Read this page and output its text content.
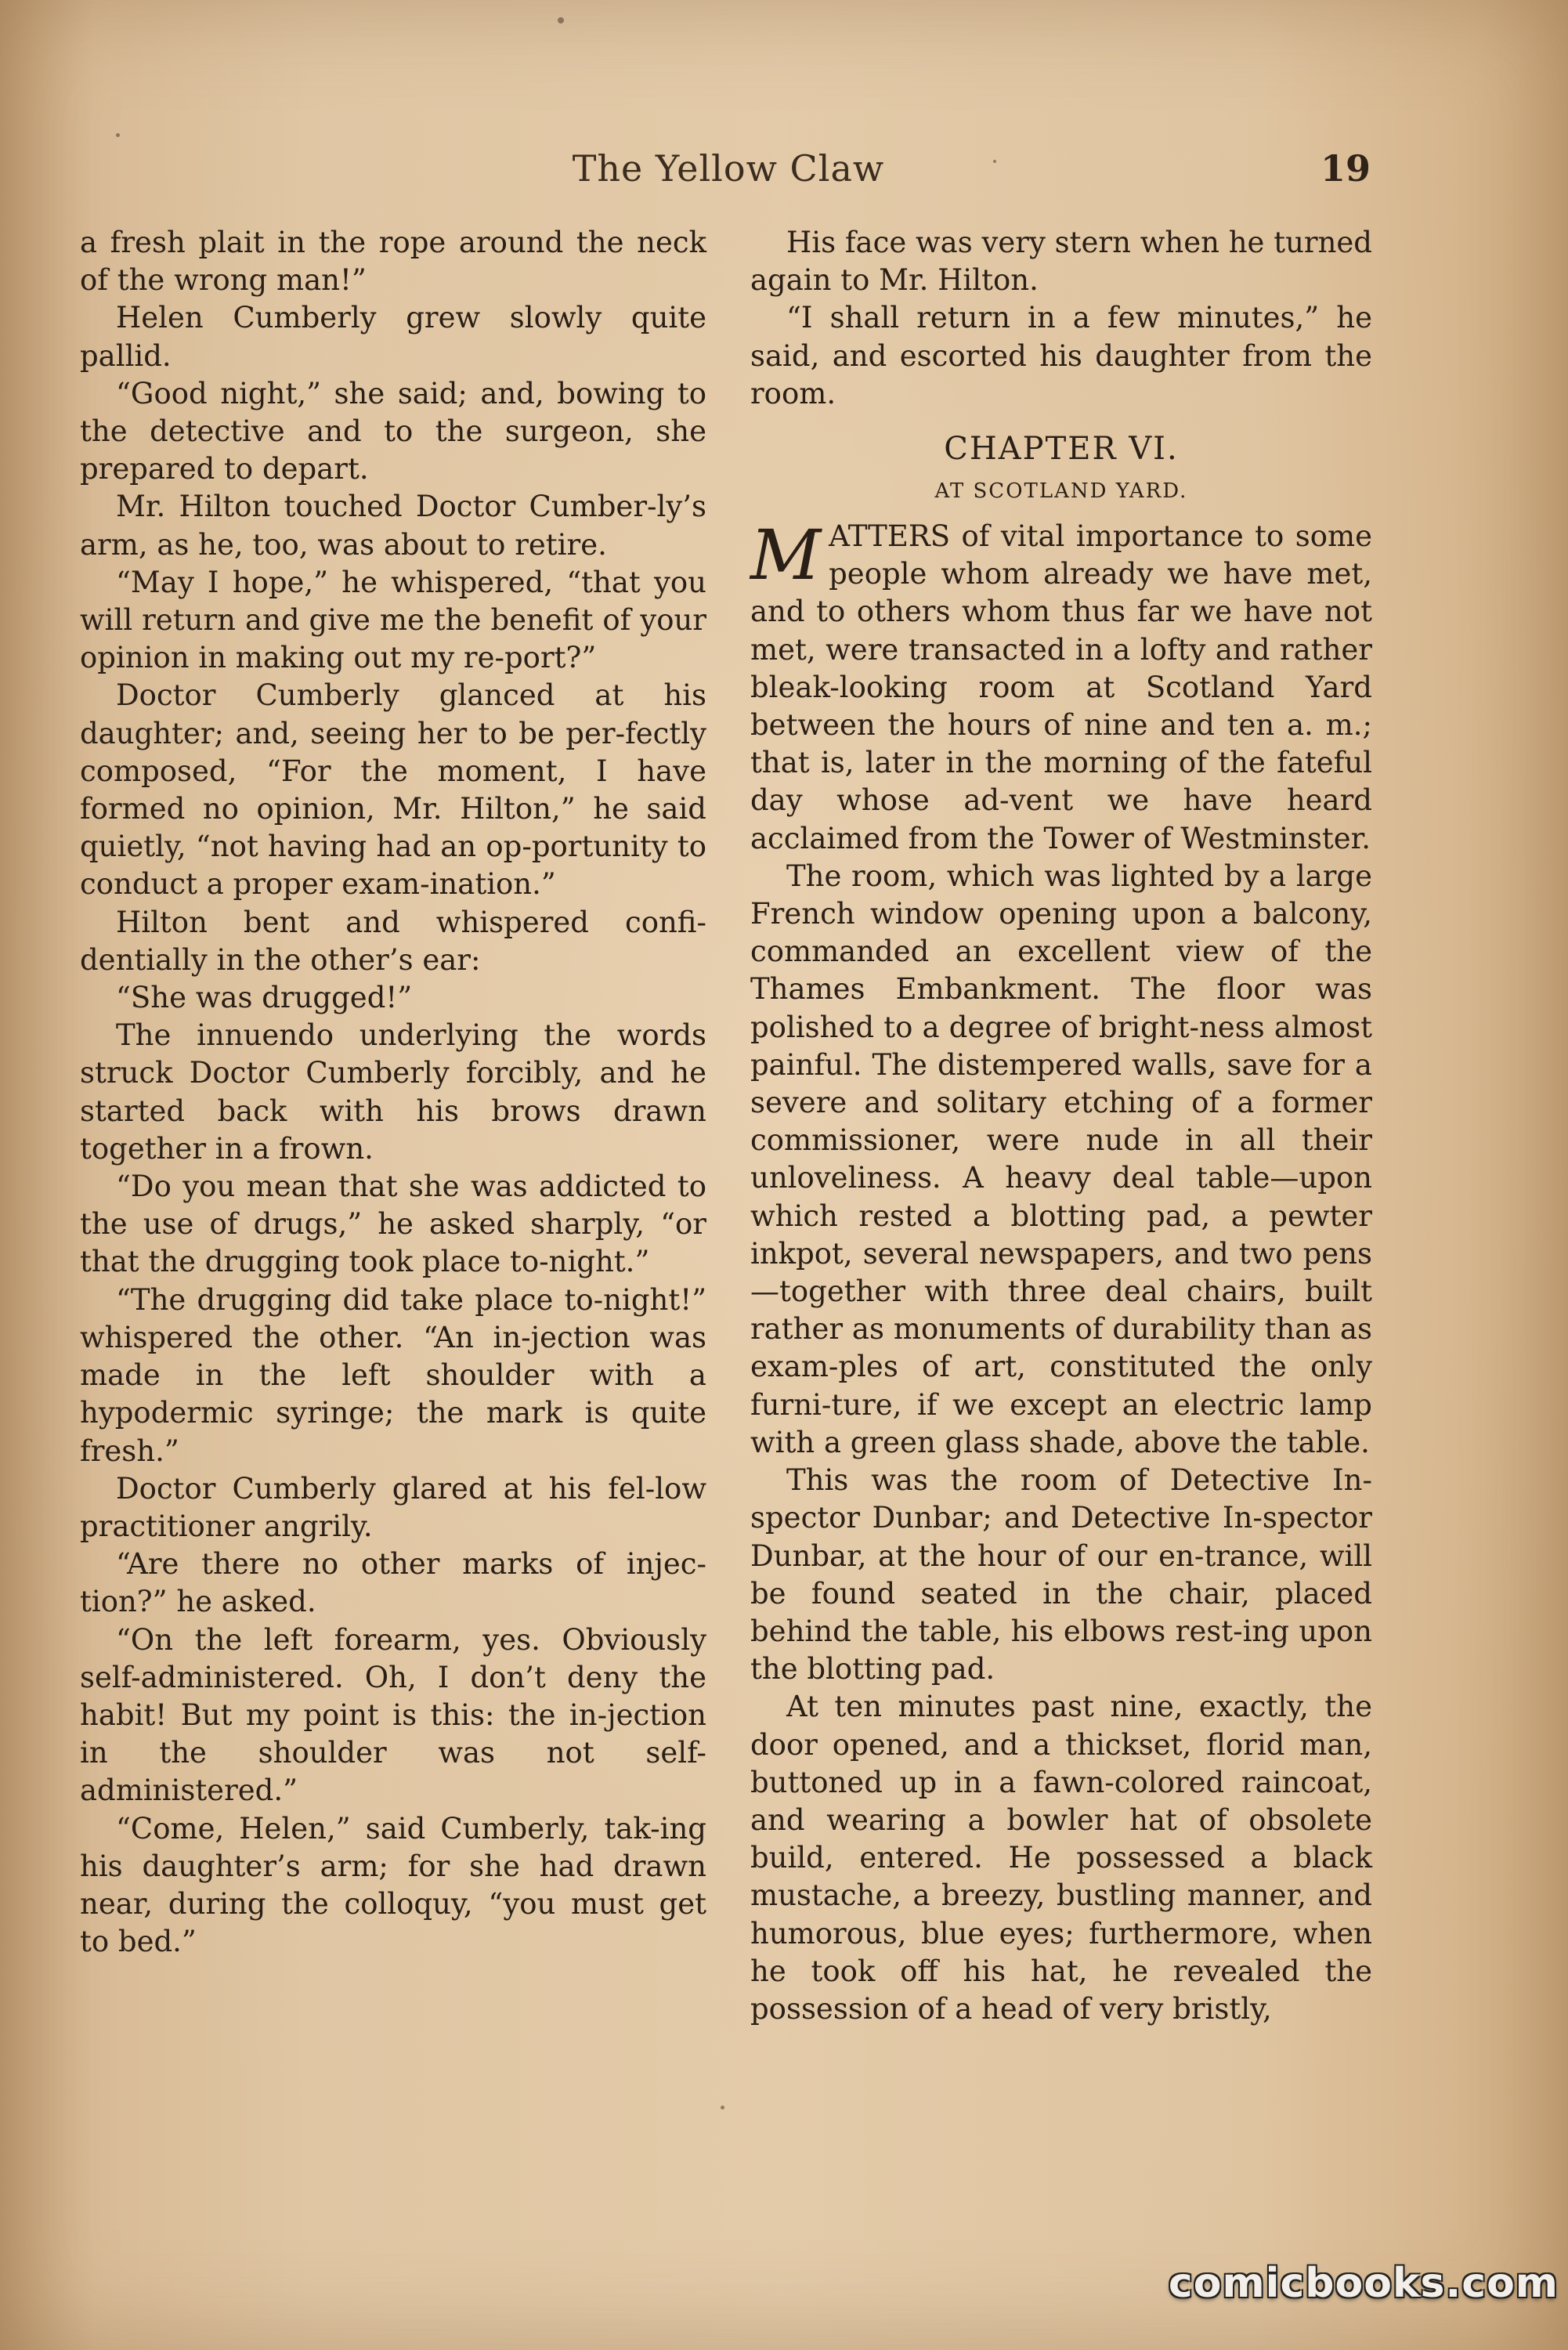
The Yellow Claw	19

a fresh plait in the rope around the neck of the wrong man!”

Helen Cumberly grew slowly quite pallid.

“Good night,” she said; and, bowing to the detective and to the surgeon, she prepared to depart.

Mr. Hilton touched Doctor Cumber-ly’s arm, as he, too, was about to retire.

“May I hope,” he whispered, “that you will return and give me the benefit of your opinion in making out my re-port?”

Doctor Cumberly glanced at his daughter; and, seeing her to be per-fectly composed, “For the moment, I have formed no opinion, Mr. Hilton,” he said quietly, “not having had an op-portunity to conduct a proper exam-ination.”

Hilton bent and whispered confi-dentially in the other’s ear:

“She was drugged!”

The innuendo underlying the words struck Doctor Cumberly forcibly, and he started back with his brows drawn together in a frown.

“Do you mean that she was addicted to the use of drugs,” he asked sharply, “or that the drugging took place to-night.”

“The drugging did take place to-night!” whispered the other. “An in-jection was made in the left shoulder with a hypodermic syringe; the mark is quite fresh.”

Doctor Cumberly glared at his fel-low practitioner angrily.

“Are there no other marks of injec-tion?” he asked.

“On the left forearm, yes. Obviously self-administered. Oh, I don’t deny the habit! But my point is this: the in-jection in the shoulder was not self-administered.”

“Come, Helen,” said Cumberly, tak-ing his daughter’s arm; for she had drawn near, during the colloquy, “you must get to bed.”

His face was very stern when he turned again to Mr. Hilton.

“I shall return in a few minutes,” he said, and escorted his daughter from the room.

CHAPTER VI.
AT SCOTLAND YARD.

MATTERS of vital importance to some people whom already we have met, and to others whom thus far we have not met, were transacted in a lofty and rather bleak-looking room at Scotland Yard between the hours of nine and ten a. m.; that is, later in the morning of the fateful day whose ad-vent we have heard acclaimed from the Tower of Westminster.

The room, which was lighted by a large French window opening upon a balcony, commanded an excellent view of the Thames Embankment. The floor was polished to a degree of bright-ness almost painful. The distempered walls, save for a severe and solitary etching of a former commissioner, were nude in all their unloveliness. A heavy deal table—upon which rested a blotting pad, a pewter inkpot, several newspapers, and two pens—together with three deal chairs, built rather as monuments of durability than as exam-ples of art, constituted the only furni-ture, if we except an electric lamp with a green glass shade, above the table.

This was the room of Detective In-spector Dunbar; and Detective In-spector Dunbar, at the hour of our en-trance, will be found seated in the chair, placed behind the table, his elbows rest-ing upon the blotting pad.

At ten minutes past nine, exactly, the door opened, and a thickset, florid man, buttoned up in a fawn-colored raincoat, and wearing a bowler hat of obsolete build, entered. He possessed a black mustache, a breezy, bustling manner, and humorous, blue eyes; furthermore, when he took off his hat, he revealed the possession of a head of very bristly,

comicbooks.com
